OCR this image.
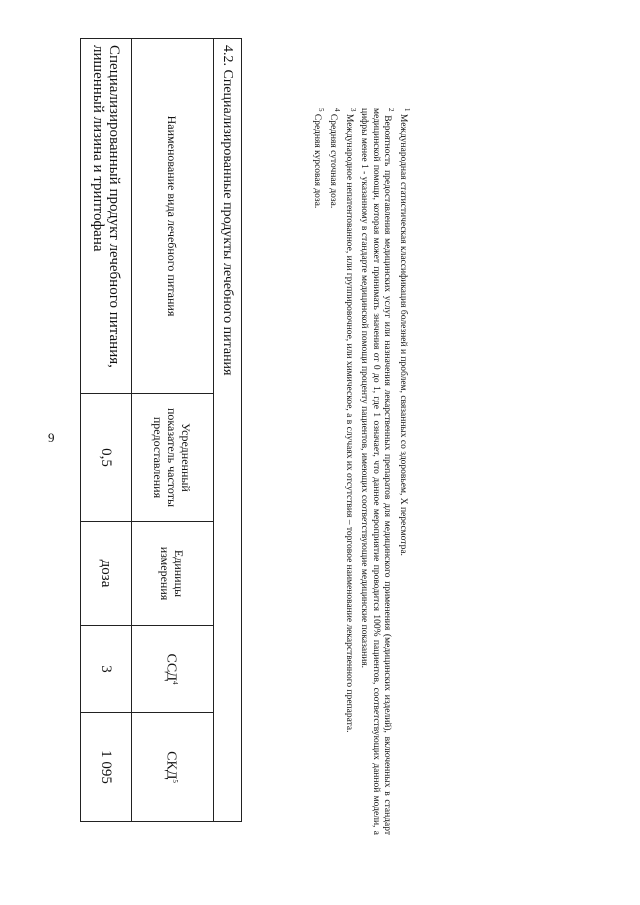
9
4.2. Специализированные продукты лечебного питания				
Наименование вида лечебного питания	Усредненный показатель частоты предоставления	Единицы измерения	ССД$^4$	СКД$^5$
Специализированный продукт лечебного питания, лишенный лизина и триптофана	0,5	доза	3	1 095
$^1$ Международная статистическая классификация болезней и проблем, связанных со здоровьем, X пересмотра.
$^2$ Вероятность предоставления медицинских услуг или назначения лекарственных препаратов для медицинского применения (медицинских изделий), включенных в стандарт медицинской помощи, которая может принимать значения от 0 до 1, где 1 означает, что данное мероприятие проводится 100% пациентов, соответствующих данной модели, а цифры менее 1 - указанному в стандарте медицинской помощи проценту пациентов, имеющих соответствующие медицинские показания.
$^3$ Международное непатентованное, или группировочное, или химическое, а в случаях их отсутствия – торговое наименование лекарственного препарата.
$^4$ Средняя суточная доза.
$^5$ Средняя курсовая доза.
